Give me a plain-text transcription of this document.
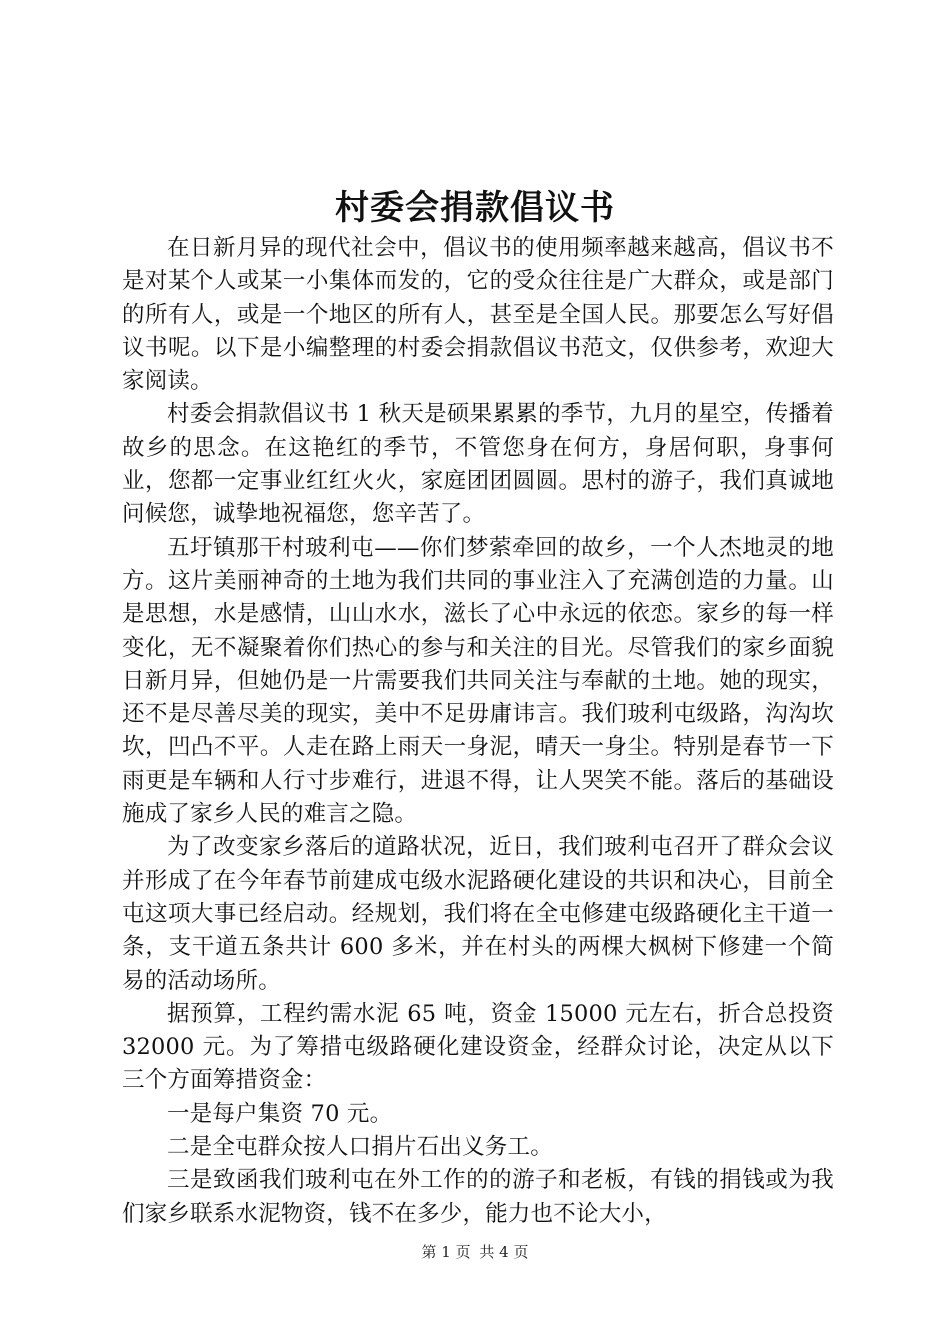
村委会捐款倡议书

在日新月异的现代社会中，倡议书的使用频率越来越高，倡议书不是对某个人或某一小集体而发的，它的受众往往是广大群众，或是部门的所有人，或是一个地区的所有人，甚至是全国人民。那要怎么写好倡议书呢。以下是小编整理的村委会捐款倡议书范文，仅供参考，欢迎大家阅读。

村委会捐款倡议书 1 秋天是硕果累累的季节，九月的星空，传播着故乡的思念。在这艳红的季节，不管您身在何方，身居何职，身事何业，您都一定事业红红火火，家庭团团圆圆。思村的游子，我们真诚地问候您，诚挚地祝福您，您辛苦了。

五圩镇那干村玻利屯——你们梦萦牵回的故乡，一个人杰地灵的地方。这片美丽神奇的土地为我们共同的事业注入了充满创造的力量。山是思想，水是感情，山山水水，滋长了心中永远的依恋。家乡的每一样变化，无不凝聚着你们热心的参与和关注的目光。尽管我们的家乡面貌日新月异，但她仍是一片需要我们共同关注与奉献的土地。她的现实，还不是尽善尽美的现实，美中不足毋庸讳言。我们玻利屯级路，沟沟坎坎，凹凸不平。人走在路上雨天一身泥，晴天一身尘。特别是春节一下雨更是车辆和人行寸步难行，进退不得，让人哭笑不能。落后的基础设施成了家乡人民的难言之隐。

为了改变家乡落后的道路状况，近日，我们玻利屯召开了群众会议并形成了在今年春节前建成屯级水泥路硬化建设的共识和决心，目前全屯这项大事已经启动。经规划，我们将在全屯修建屯级路硬化主干道一条，支干道五条共计 600 多米，并在村头的两棵大枫树下修建一个简易的活动场所。

据预算，工程约需水泥 65 吨，资金 15000 元左右，折合总投资 32000 元。为了筹措屯级路硬化建设资金，经群众讨论，决定从以下三个方面筹措资金：

一是每户集资 70 元。

二是全屯群众按人口捐片石出义务工。

三是致函我们玻利屯在外工作的的游子和老板，有钱的捐钱或为我们家乡联系水泥物资，钱不在多少，能力也不论大小，

第 1 页 共 4 页
